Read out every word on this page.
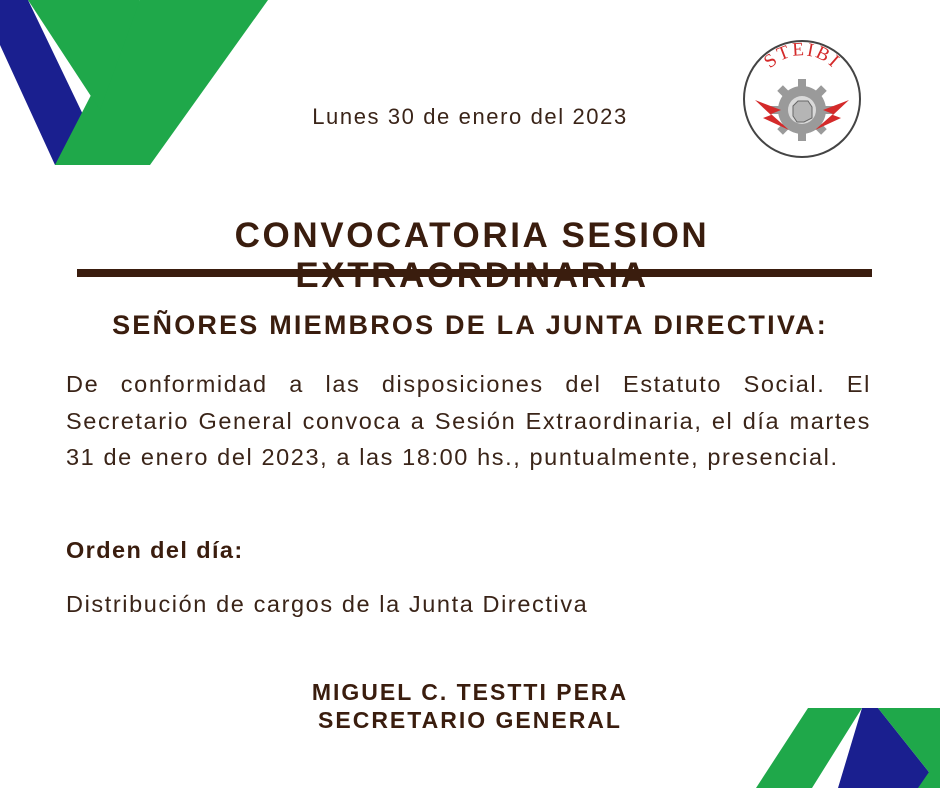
STEIBI
Lunes 30 de enero del 2023
CONVOCATORIA SESION
SEÑORES MIEMBROS DE LA JUNTA DIRECTIVA:
De conformidad a las disposiciones del Estatuto Social. El Secretario General convoca a Sesión Extraordinaria, el día martes 31 de enero del 2023, a las 18:00 hs., puntualmente, presencial.
Orden del día:
Distribución de cargos de la Junta Directiva
MIGUEL C. TESTTI PERA
SECRETARIO GENERAL
